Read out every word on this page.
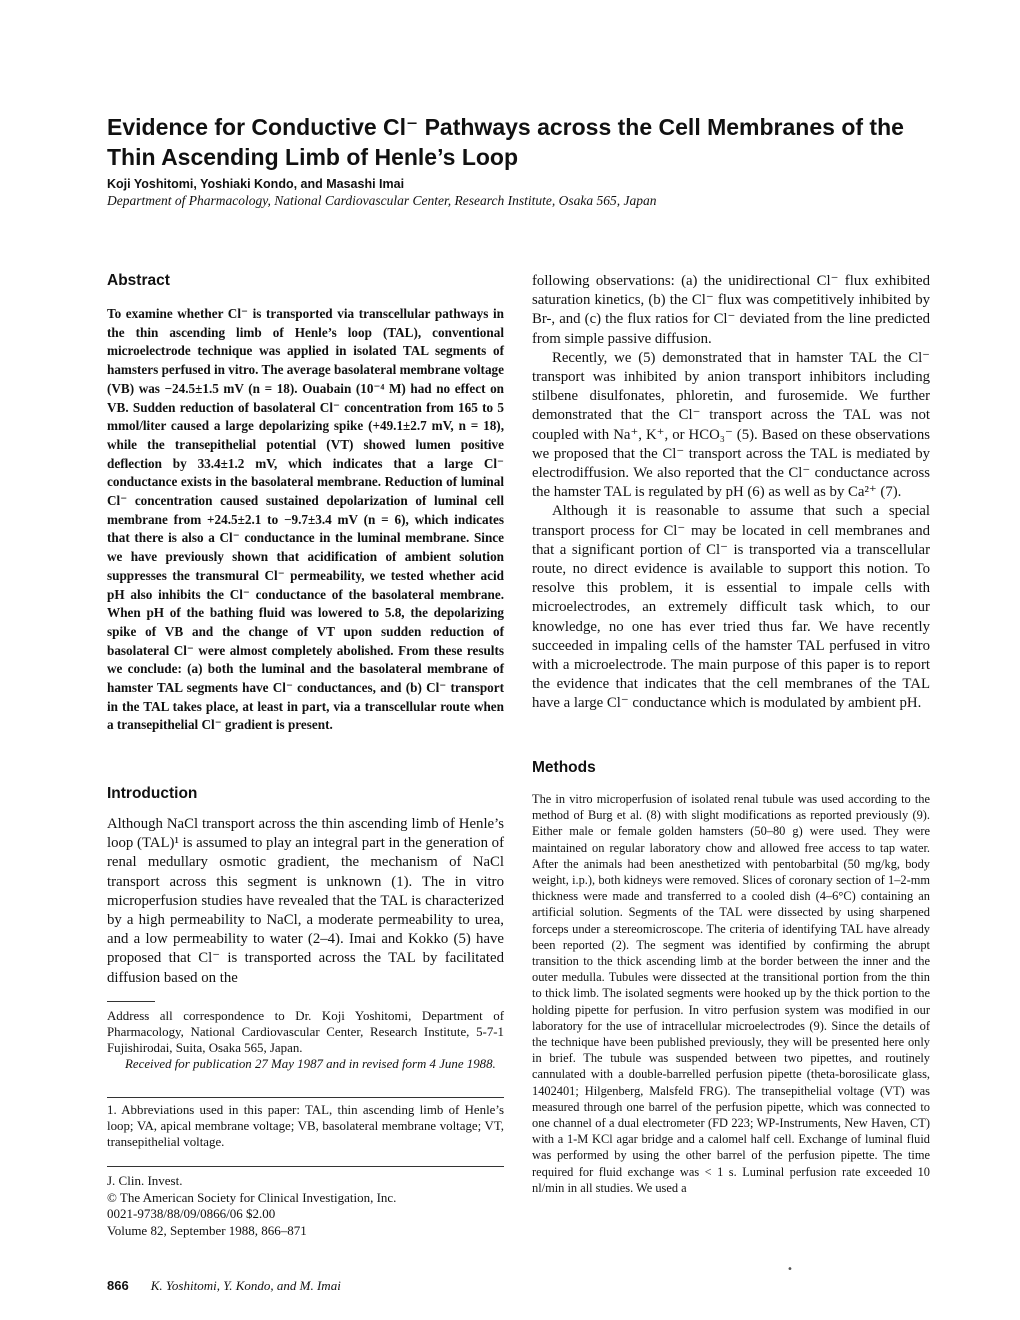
Evidence for Conductive Cl⁻ Pathways across the Cell Membranes of the Thin Ascending Limb of Henle’s Loop
Koji Yoshitomi, Yoshiaki Kondo, and Masashi Imai
Department of Pharmacology, National Cardiovascular Center, Research Institute, Osaka 565, Japan
Abstract

To examine whether Cl⁻ is transported via transcellular pathways in the thin ascending limb of Henle’s loop (TAL), conventional microelectrode technique was applied in isolated TAL segments of hamsters perfused in vitro. The average basolateral membrane voltage (VB) was −24.5±1.5 mV (n = 18). Ouabain (10⁻⁴ M) had no effect on VB. Sudden reduction of basolateral Cl⁻ concentration from 165 to 5 mmol/liter caused a large depolarizing spike (+49.1±2.7 mV, n = 18), while the transepithelial potential (VT) showed lumen positive deflection by 33.4±1.2 mV, which indicates that a large Cl⁻ conductance exists in the basolateral membrane. Reduction of luminal Cl⁻ concentration caused sustained depolarization of luminal cell membrane from +24.5±2.1 to −9.7±3.4 mV (n = 6), which indicates that there is also a Cl⁻ conductance in the luminal membrane. Since we have previously shown that acidification of ambient solution suppresses the transmural Cl⁻ permeability, we tested whether acid pH also inhibits the Cl⁻ conductance of the basolateral membrane. When pH of the bathing fluid was lowered to 5.8, the depolarizing spike of VB and the change of VT upon sudden reduction of basolateral Cl⁻ were almost completely abolished. From these results we conclude: (a) both the luminal and the basolateral membrane of hamster TAL segments have Cl⁻ conductances, and (b) Cl⁻ transport in the TAL takes place, at least in part, via a transcellular route when a transepithelial Cl⁻ gradient is present.

Introduction

Although NaCl transport across the thin ascending limb of Henle’s loop (TAL)¹ is assumed to play an integral part in the generation of renal medullary osmotic gradient, the mechanism of NaCl transport across this segment is unknown (1). The in vitro microperfusion studies have revealed that the TAL is characterized by a high permeability to NaCl, a moderate permeability to urea, and a low permeability to water (2–4). Imai and Kokko (5) have proposed that Cl⁻ is transported across the TAL by facilitated diffusion based on the

Address all correspondence to Dr. Koji Yoshitomi, Department of Pharmacology, National Cardiovascular Center, Research Institute, 5-7-1 Fujishirodai, Suita, Osaka 565, Japan.

Received for publication 27 May 1987 and in revised form 4 June 1988.

1. Abbreviations used in this paper: TAL, thin ascending limb of Henle’s loop; VA, apical membrane voltage; VB, basolateral membrane voltage; VT, transepithelial voltage.

J. Clin. Invest.
© The American Society for Clinical Investigation, Inc.
0021-9738/88/09/0866/06 $2.00
Volume 82, September 1988, 866–871

following observations: (a) the unidirectional Cl⁻ flux exhibited saturation kinetics, (b) the Cl⁻ flux was competitively inhibited by Br-, and (c) the flux ratios for Cl⁻ deviated from the line predicted from simple passive diffusion.

Recently, we (5) demonstrated that in hamster TAL the Cl⁻ transport was inhibited by anion transport inhibitors including stilbene disulfonates, phloretin, and furosemide. We further demonstrated that the Cl⁻ transport across the TAL was not coupled with Na⁺, K⁺, or HCO₃⁻ (5). Based on these observations we proposed that the Cl⁻ transport across the TAL is mediated by electrodiffusion. We also reported that the Cl⁻ conductance across the hamster TAL is regulated by pH (6) as well as by Ca²⁺ (7).

Although it is reasonable to assume that such a special transport process for Cl⁻ may be located in cell membranes and that a significant portion of Cl⁻ is transported via a transcellular route, no direct evidence is available to support this notion. To resolve this problem, it is essential to impale cells with microelectrodes, an extremely difficult task which, to our knowledge, no one has ever tried thus far. We have recently succeeded in impaling cells of the hamster TAL perfused in vitro with a microelectrode. The main purpose of this paper is to report the evidence that indicates that the cell membranes of the TAL have a large Cl⁻ conductance which is modulated by ambient pH.

Methods

The in vitro microperfusion of isolated renal tubule was used according to the method of Burg et al. (8) with slight modifications as reported previously (9). Either male or female golden hamsters (50–80 g) were used. They were maintained on regular laboratory chow and allowed free access to tap water. After the animals had been anesthetized with pentobarbital (50 mg/kg, body weight, i.p.), both kidneys were removed. Slices of coronary section of 1–2-mm thickness were made and transferred to a cooled dish (4–6°C) containing an artificial solution. Segments of the TAL were dissected by using sharpened forceps under a stereomicroscope. The criteria of identifying TAL have already been reported (2). The segment was identified by confirming the abrupt transition to the thick ascending limb at the border between the inner and the outer medulla. Tubules were dissected at the transitional portion from the thin to thick limb. The isolated segments were hooked up by the thick portion to the holding pipette for perfusion. In vitro perfusion system was modified in our laboratory for the use of intracellular microelectrodes (9). Since the details of the technique have been published previously, they will be presented here only in brief. The tubule was suspended between two pipettes, and routinely cannulated with a double-barrelled perfusion pipette (theta-borosilicate glass, 1402401; Hilgenberg, Malsfeld FRG). The transepithelial voltage (VT) was measured through one barrel of the perfusion pipette, which was connected to one channel of a dual electrometer (FD 223; WP-Instruments, New Haven, CT) with a 1-M KCl agar bridge and a calomel half cell. Exchange of luminal fluid was performed by using the other barrel of the perfusion pipette. The time required for fluid exchange was < 1 s. Luminal perfusion rate exceeded 10 nl/min in all studies. We used a

•
866 K. Yoshitomi, Y. Kondo, and M. Imai
